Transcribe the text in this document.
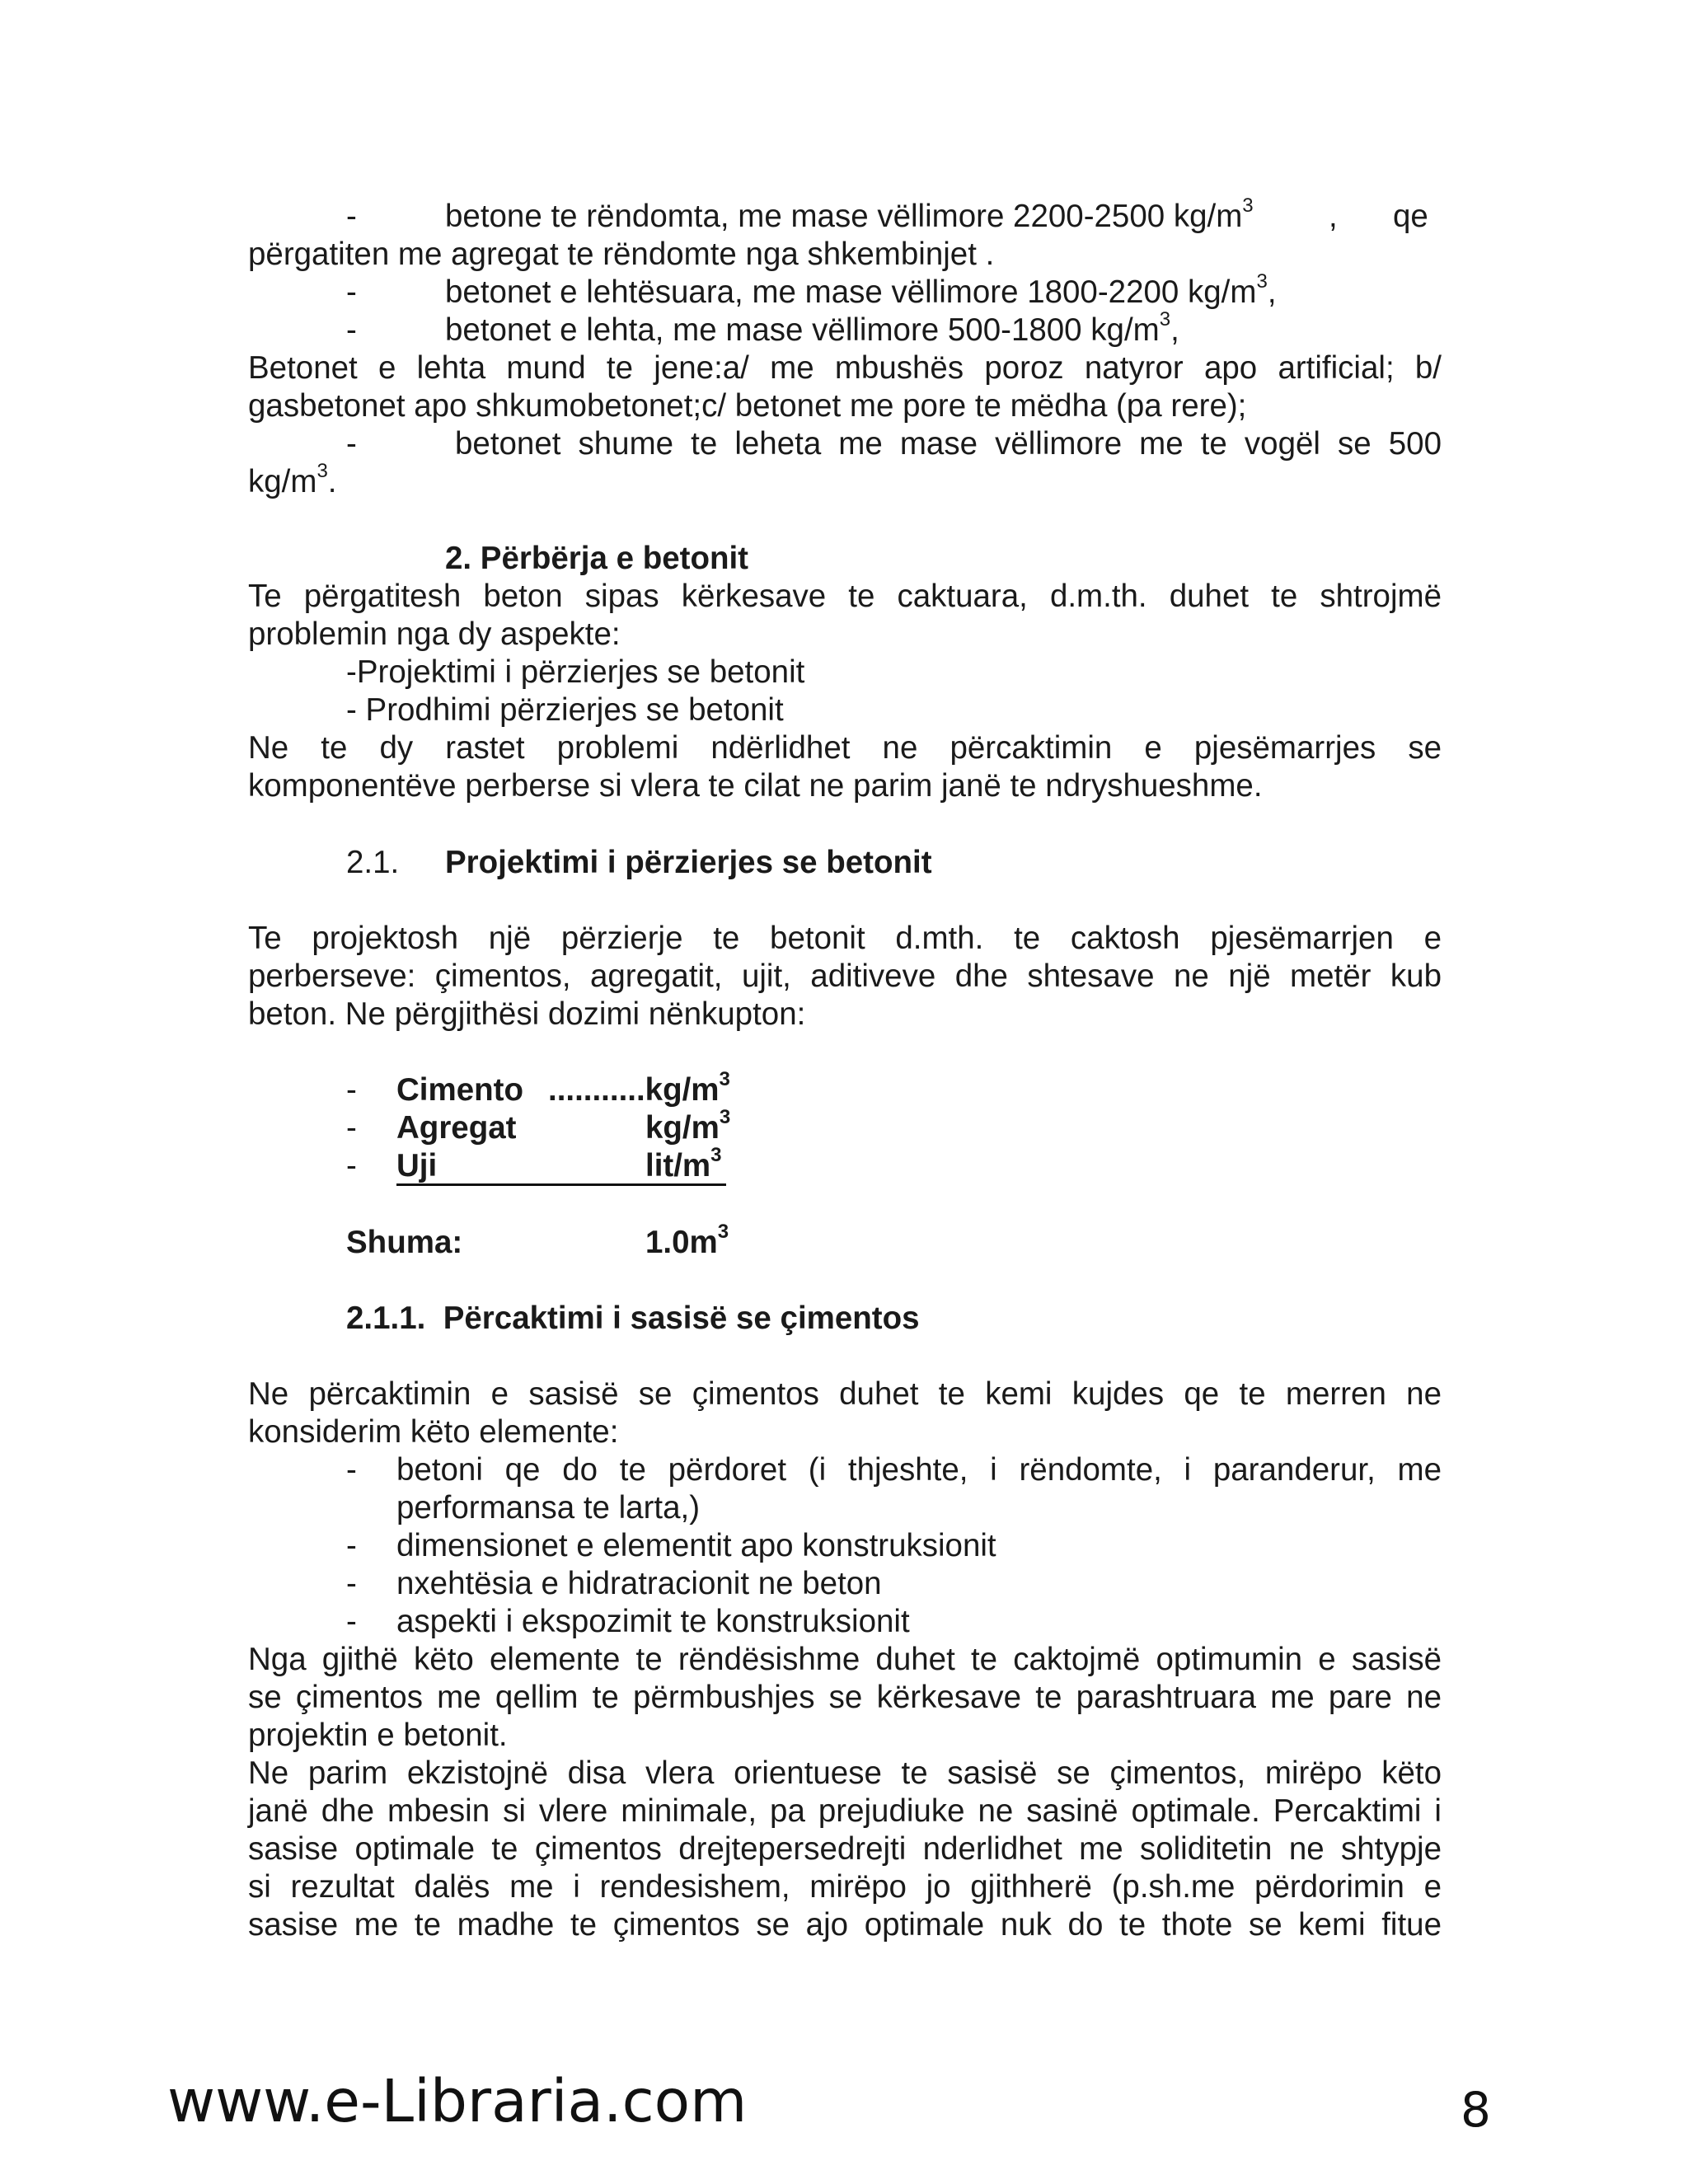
-	betone te rëndomta, me mase vëllimore 2200-2500 $kg/m^3$ , qe
përgatiten me agregat te rëndomte nga shkembinjet .
-	betonet e lehtësuara, me mase vëllimore 1800-2200 $kg/m^3$,
-	betonet e lehta, me mase vëllimore 500-1800 $kg/m^3$,
Betonet e lehta mund te jene:a/ me mbushës poroz natyror apo artificial; b/
gasbetonet apo shkumobetonet;c/ betonet me pore te mëdha (pa rere);
-	betonet shume te leheta me mase vëllimore me te vogël se 500
$kg/m^3$.
2. Përbërja e betonit
Te përgatitesh beton sipas kërkesave te caktuara, d.m.th. duhet te shtrojmë
problemin nga dy aspekte:
-Projektimi i përzierjes se betonit
- Prodhimi përzierjes se betonit
Ne te dy rastet problemi ndërlidhet ne përcaktimin e pjesëmarrjes se
komponentëve perberse si vlera te cilat ne parim janë te ndryshueshme.
2.1. Projektimi i përzierjes se betonit
Te projektosh një përzierje te betonit d.mth. te caktosh pjesëmarrjen e
perberseve: çimentos, agregatit, ujit, aditiveve dhe shtesave ne një metër kub
beton. Ne përgjithësi dozimi nënkupton:
- Cimento $...........kg/m^3$
- Agregat	$kg/m^3$
- Uji	lit/$m^3$
Shuma:	$1.0m^3$
2.1.1.  Përcaktimi i sasisë se çimentos
Ne përcaktimin e sasisë se çimentos duhet te kemi kujdes qe te merren ne
konsiderim këto elemente:
- betoni qe do te përdoret (i thjeshte, i rëndomte, i paranderur, me
performansa te larta,)
- dimensionet e elementit apo konstruksionit
- nxehtësia e hidratracionit ne beton
- aspekti i ekspozimit te konstruksionit
Nga gjithë këto elemente te rëndësishme duhet te caktojmë optimumin e sasisë
se çimentos me qellim te përmbushjes se kërkesave te parashtruara me pare ne
projektin e betonit.
Ne parim ekzistojnë disa vlera orientuese te sasisë se çimentos, mirëpo këto
janë dhe mbesin si vlere minimale, pa prejudiuke ne sasinë optimale. Percaktimi i
sasise optimale te çimentos drejtepersedrejti nderlidhet me soliditetin ne shtypje
si rezultat dalës me i rendesishem, mirëpo jo gjithherë (p.sh.me përdorimin e
sasise me te madhe te çimentos se ajo optimale nuk do te thote se kemi fitue
www.e-Libraria.com	8
